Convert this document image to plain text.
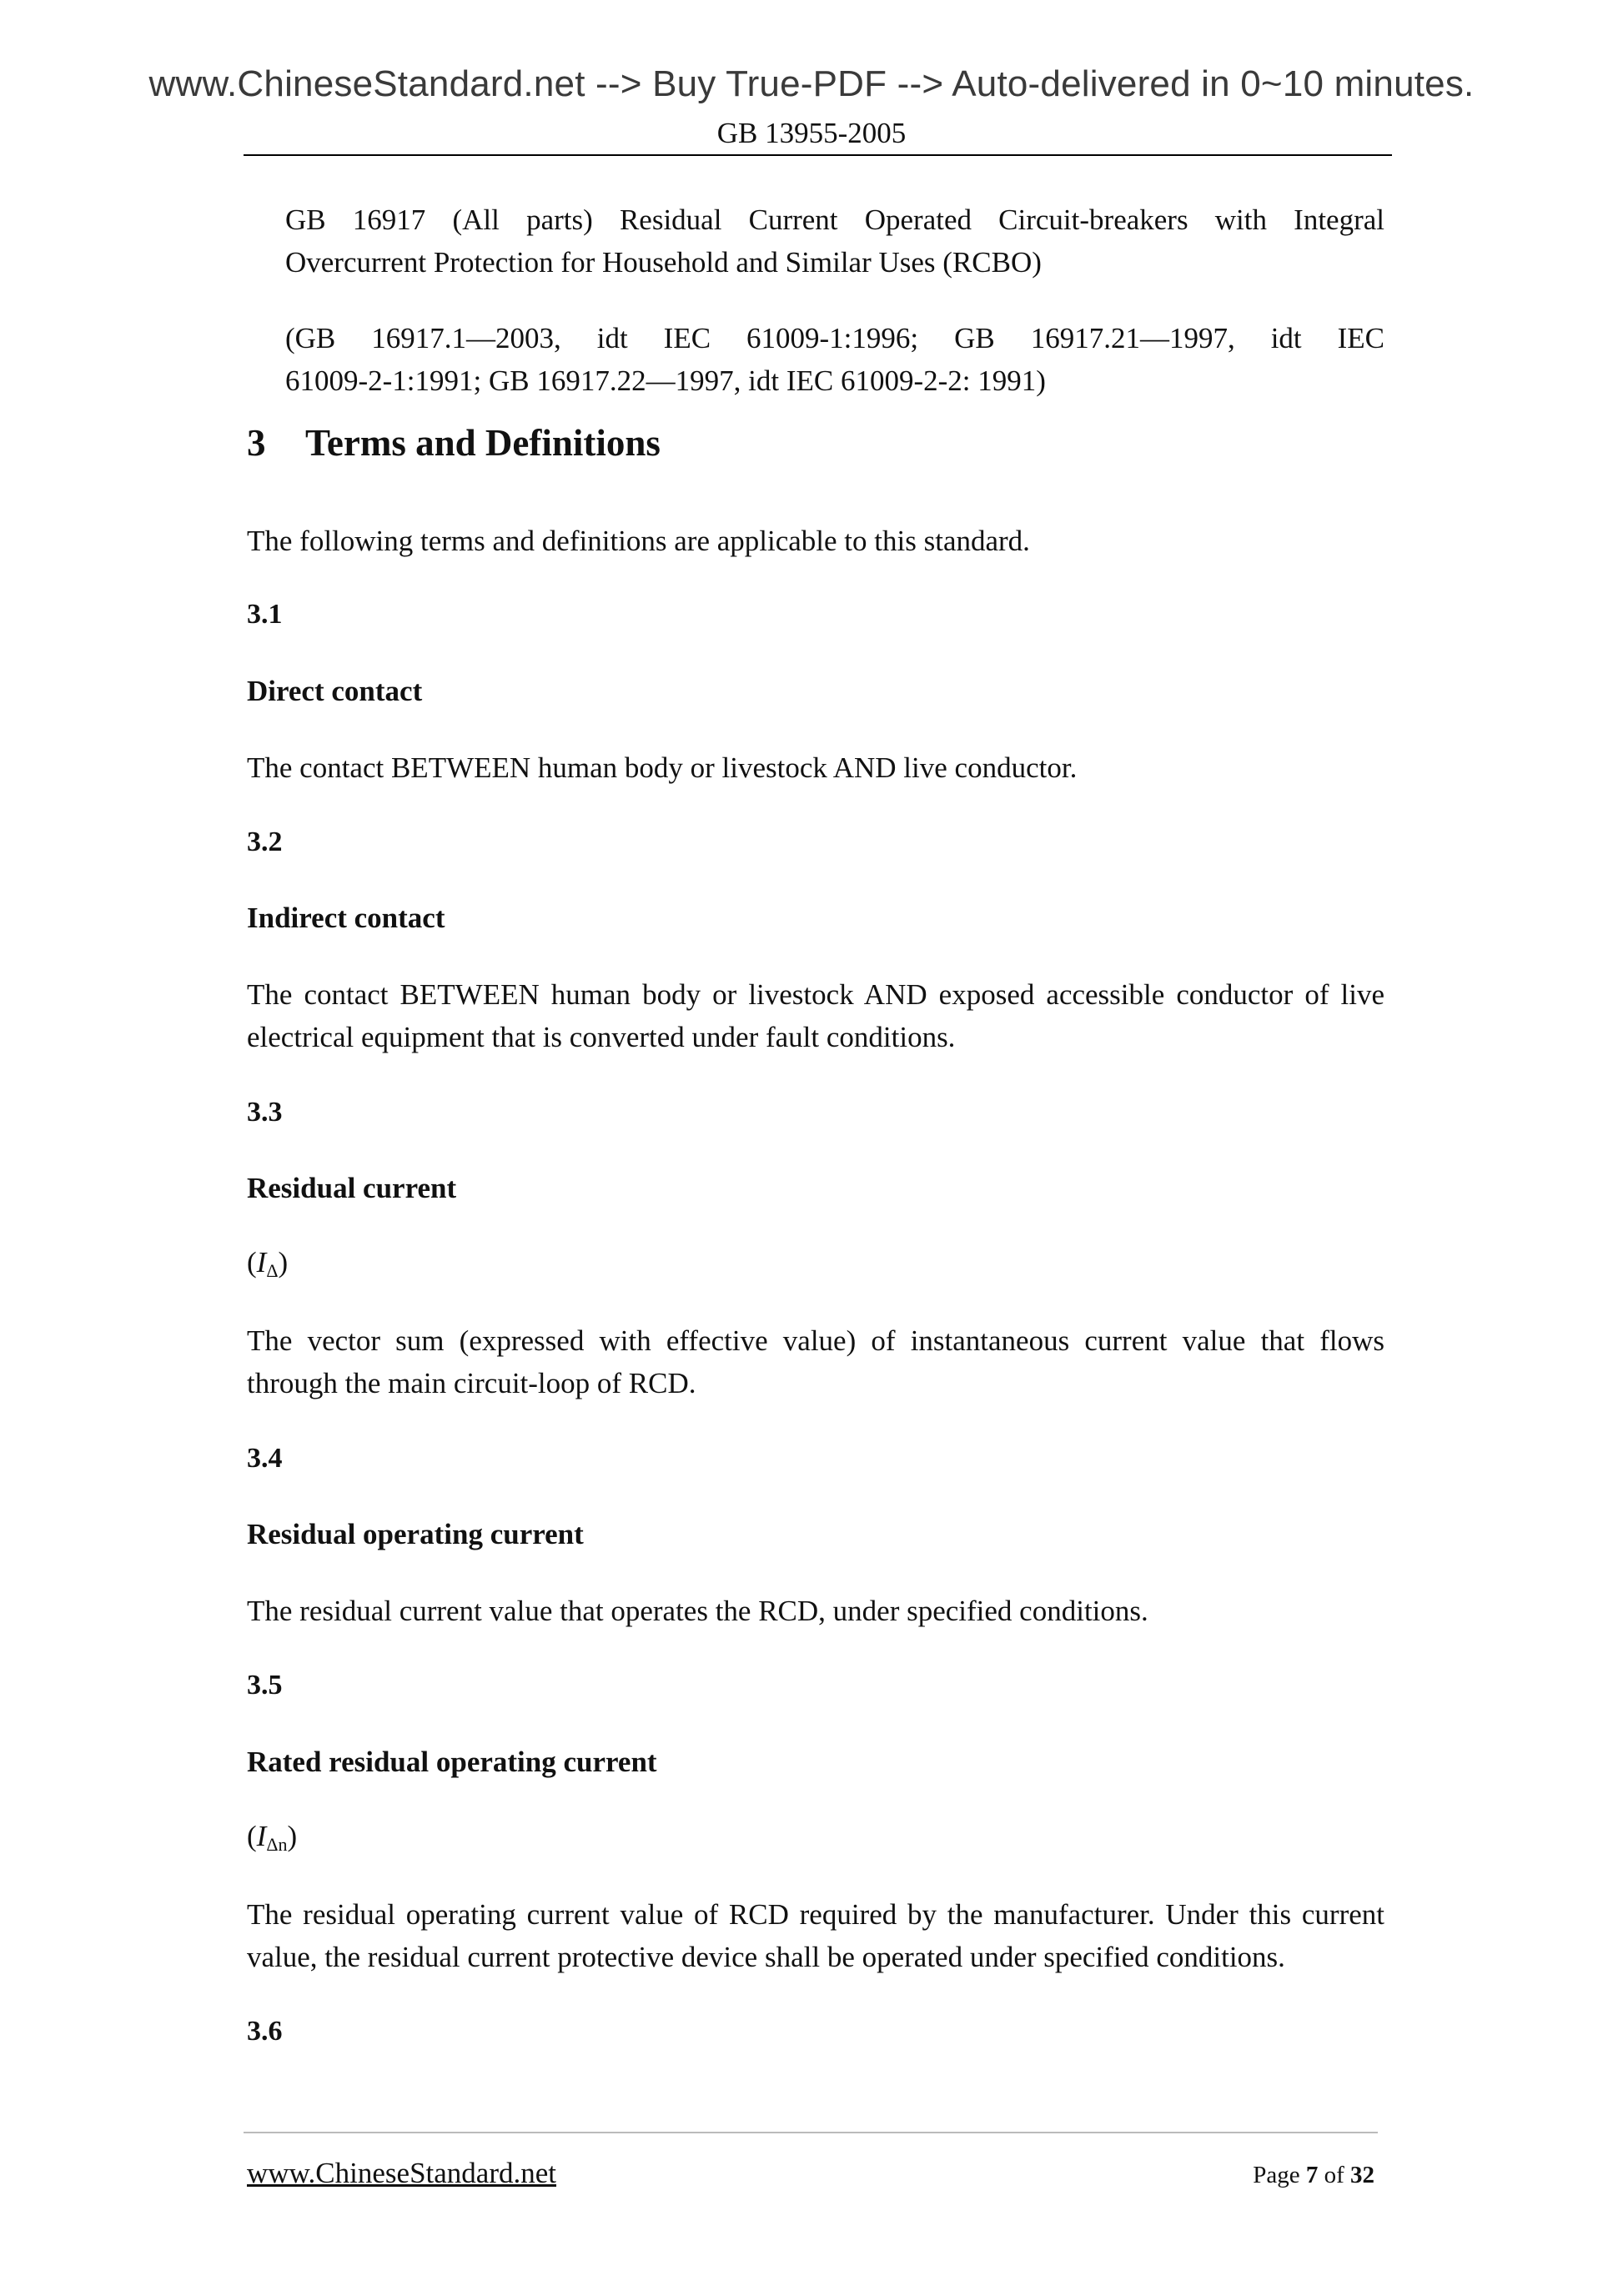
www.ChineseStandard.net --> Buy True-PDF --> Auto-delivered in 0~10 minutes.
GB 13955-2005
GB 16917 (All parts) Residual Current Operated Circuit-breakers with Integral
Overcurrent Protection for Household and Similar Uses (RCBO)
(GB 16917.1—2003, idt IEC 61009-1:1996; GB 16917.21—1997, idt IEC
61009-2-1:1991; GB 16917.22—1997, idt IEC 61009-2-2: 1991)
3 Terms and Definitions
The following terms and definitions are applicable to this standard.
3.1
Direct contact
The contact BETWEEN human body or livestock AND live conductor.
3.2
Indirect contact
The contact BETWEEN human body or livestock AND exposed accessible conductor of live
electrical equipment that is converted under fault conditions.
3.3
Residual current
$(I_\Delta)$
The vector sum (expressed with effective value) of instantaneous current value that flows
through the main circuit-loop of RCD.
3.4
Residual operating current
The residual current value that operates the RCD, under specified conditions.
3.5
Rated residual operating current
$(I_{\Delta n})$
The residual operating current value of RCD required by the manufacturer. Under this current
value, the residual current protective device shall be operated under specified conditions.
3.6
www.ChineseStandard.net	Page 7 of 32
